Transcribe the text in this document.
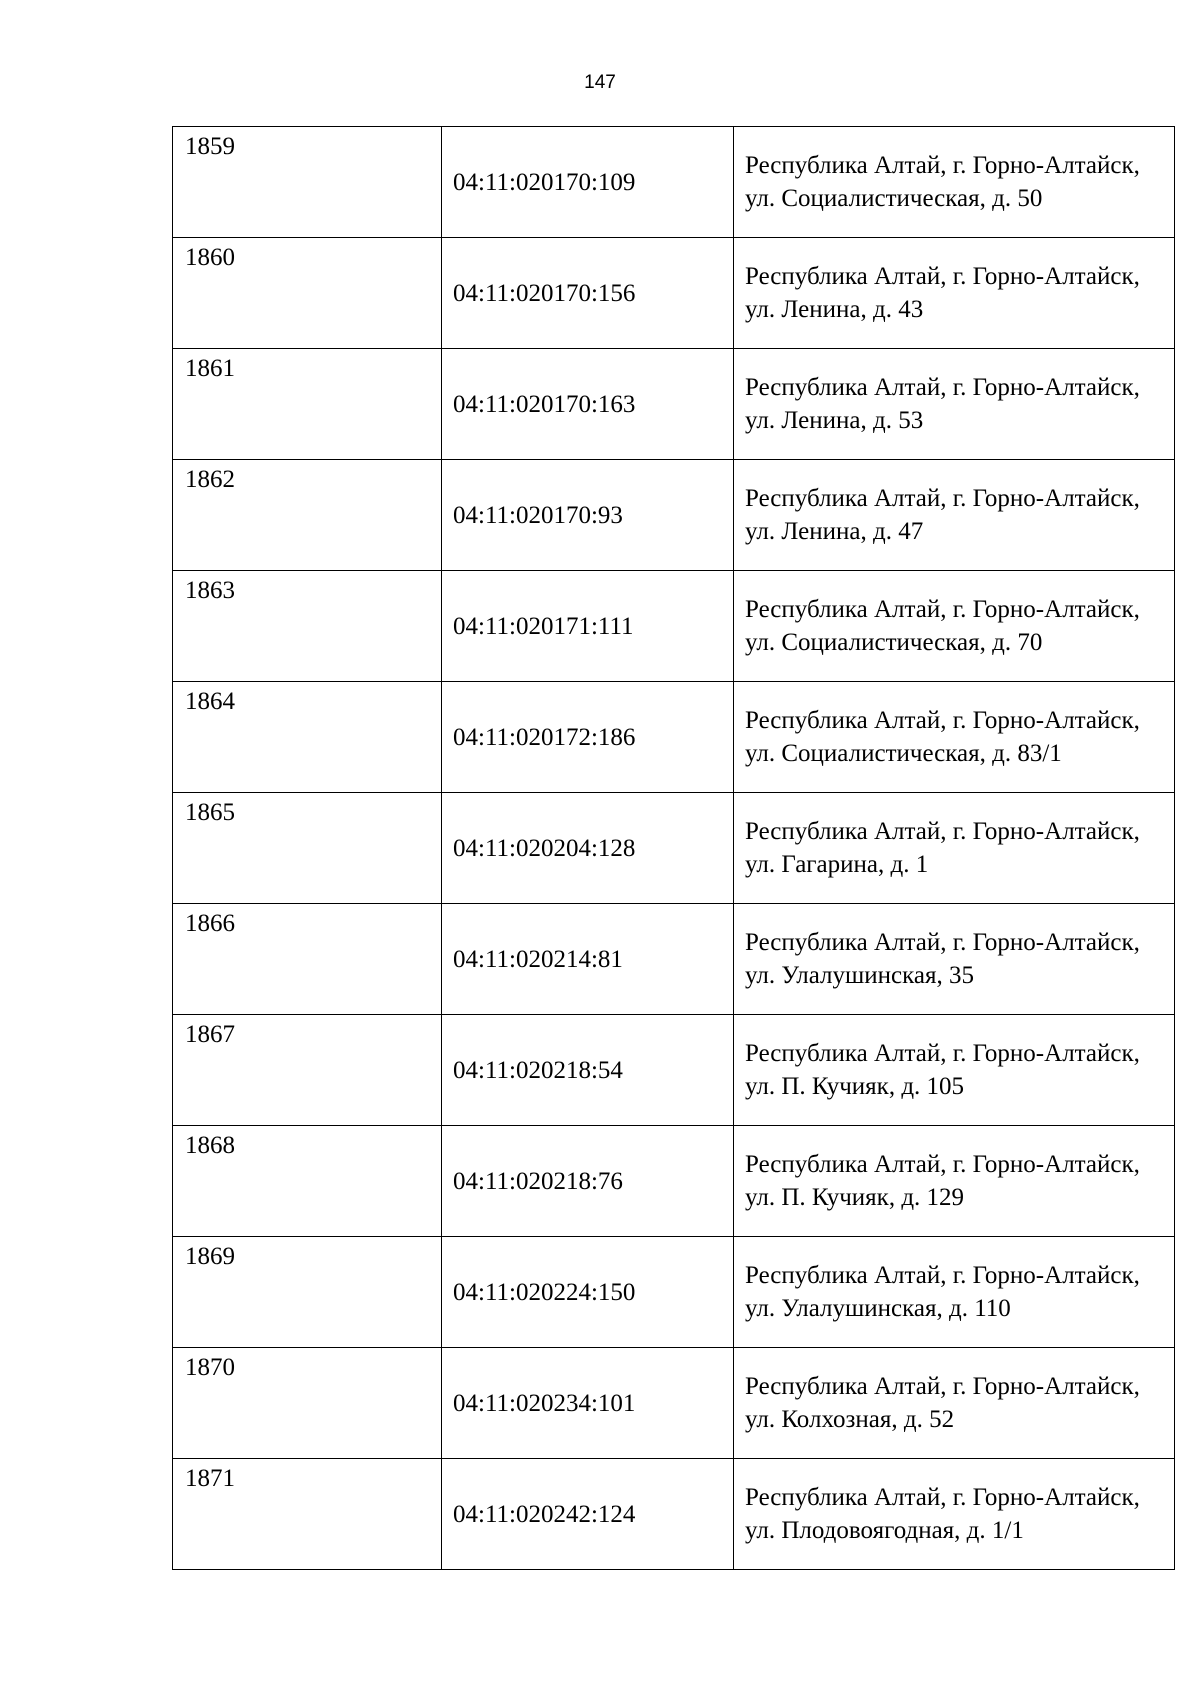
147
1859	04:11:020170:109	Республика Алтай, г. Горно-Алтайск, ул. Социалистическая, д. 50
1860	04:11:020170:156	Республика Алтай, г. Горно-Алтайск, ул. Ленина, д. 43
1861	04:11:020170:163	Республика Алтай, г. Горно-Алтайск, ул. Ленина, д. 53
1862	04:11:020170:93	Республика Алтай, г. Горно-Алтайск, ул. Ленина, д. 47
1863	04:11:020171:111	Республика Алтай, г. Горно-Алтайск, ул. Социалистическая, д. 70
1864	04:11:020172:186	Республика Алтай, г. Горно-Алтайск, ул. Социалистическая, д. 83/1
1865	04:11:020204:128	Республика Алтай, г. Горно-Алтайск, ул. Гагарина, д. 1
1866	04:11:020214:81	Республика Алтай, г. Горно-Алтайск, ул. Улалушинская, 35
1867	04:11:020218:54	Республика Алтай, г. Горно-Алтайск, ул. П. Кучияк, д. 105
1868	04:11:020218:76	Республика Алтай, г. Горно-Алтайск, ул. П. Кучияк, д. 129
1869	04:11:020224:150	Республика Алтай, г. Горно-Алтайск, ул. Улалушинская, д. 110
1870	04:11:020234:101	Республика Алтай, г. Горно-Алтайск, ул. Колхозная, д. 52
1871	04:11:020242:124	Республика Алтай, г. Горно-Алтайск, ул. Плодовоягодная, д. 1/1
